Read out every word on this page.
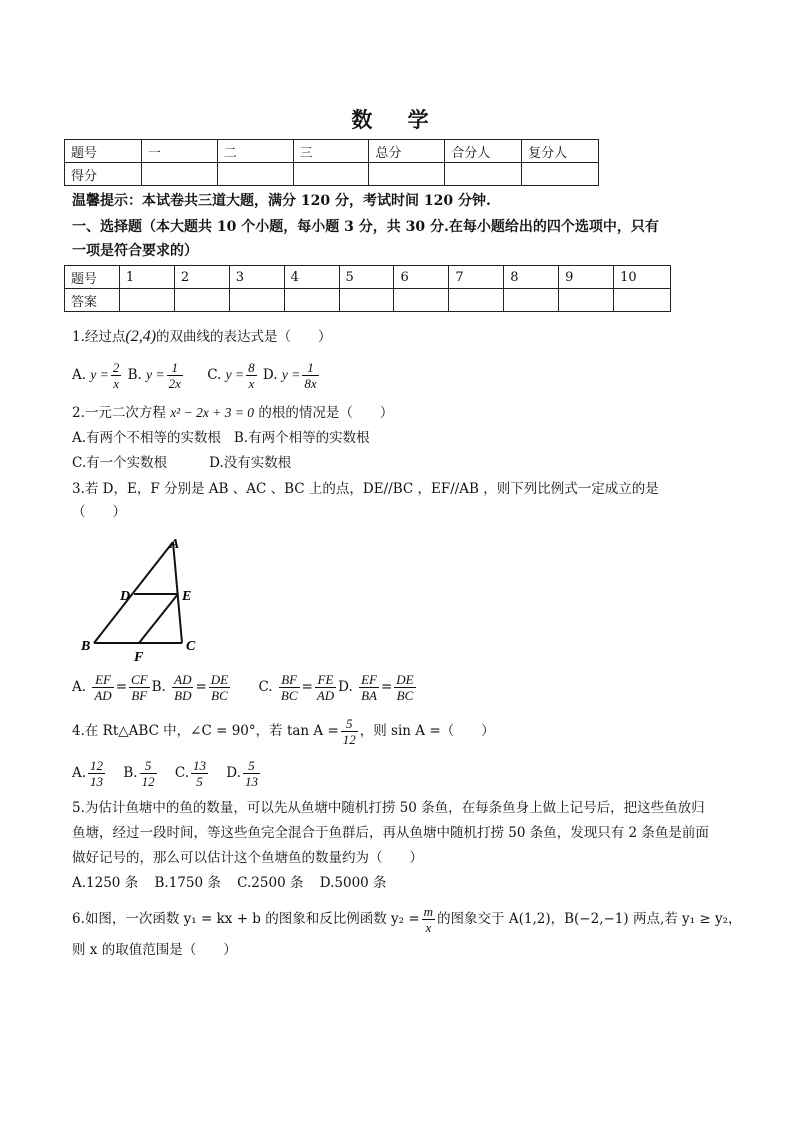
数 学
题号	一	二	三	总分	合分人	复分人
得分						
温馨提示：本试卷共三道大题，满分 120 分，考试时间 120 分钟.
一、选择题（本大题共 10 个小题，每小题 3 分，共 30 分.在每小题给出的四个选项中，只有
一项是符合要求的）
题号	1	2	3	4	5	6	7	8	9	10
答案										
1.经过点(2,4)的双曲线的表达式是（　　）
A. $y = \frac{2}{x} B$. $y = \frac{1}{2x} C$. $y = \frac{8}{x} D$. $y = \frac{1}{8x}$
2.一元二次方程 x² − 2x + 3 = 0 的根的情况是（　　）
A.有两个不相等的实数根 B.有两个相等的实数根
C.有一个实数根	D.没有实数根
3.若 D，E，F 分别是 AB 、AC 、BC 上的点，DE//BC ，EF//AB ，则下列比例式一定成立的是
（　　）
A
D	E
B	C
F
A. $\frac{EF}{AD} = \frac{CF}{BF} B$. $\frac{AD}{BD} = \frac{DE}{BC} C$. $\frac{BF}{BC} = \frac{FE}{AD} D$. $\frac{EF}{BA} = \frac{DE}{BC}$
4.在 Rt△ABC 中，∠C = 90°，若 $\tan A = \frac{5}{12}$ ，则 sin A =（　　）
A. $\frac{12}{13} B$. $\frac{5}{12} C$. $\frac{13}{5} D$. $\frac{5}{13}$
5.为估计鱼塘中的鱼的数量，可以先从鱼塘中随机打捞 50 条鱼，在每条鱼身上做上记号后，把这些鱼放归
鱼塘，经过一段时间，等这些鱼完全混合于鱼群后，再从鱼塘中随机打捞 50 条鱼，发现只有 2 条鱼是前面
做好记号的，那么可以估计这个鱼塘鱼的数量约为（　　）
A.1250 条 B.1750 条 C.2500 条 D.5000 条
6.如图，一次函数 y₁ = kx + b 的图象和反比例函数 $y_2 = \frac{m}{x}$ 的图象交于 A(1,2)，B(−2,−1) 两点,若 y₁ ≥ y₂，
则 x 的取值范围是（　　）
